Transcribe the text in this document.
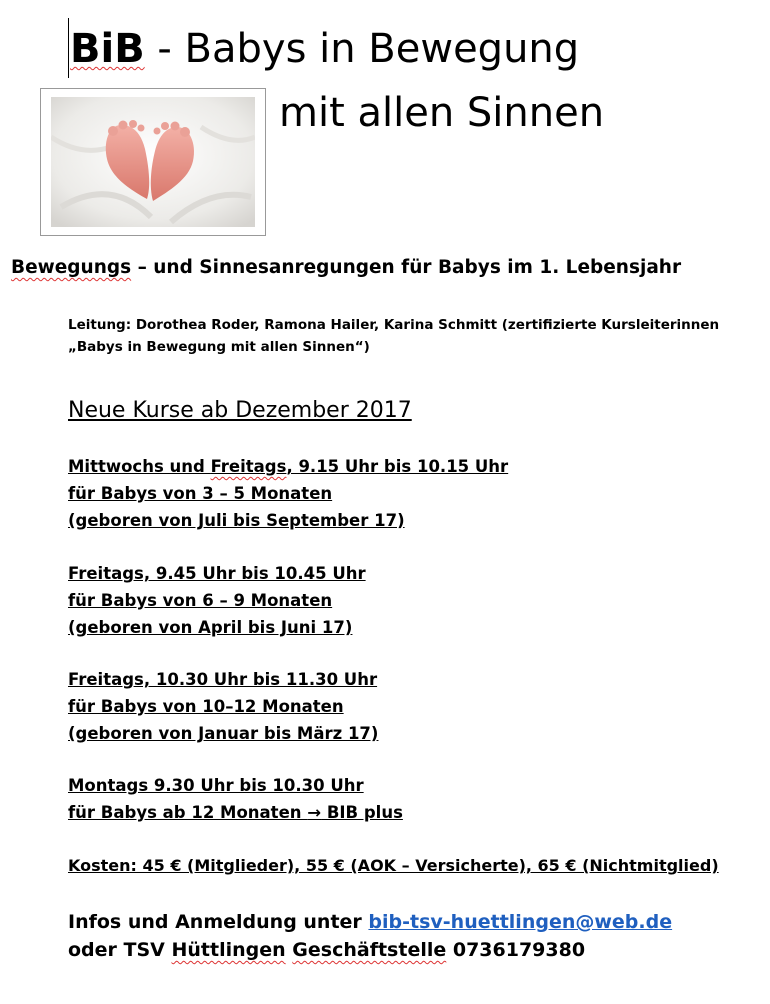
BiB - Babys in Bewegung
mit allen Sinnen
Bewegungs – und Sinnesanregungen für Babys im 1. Lebensjahr
Leitung: Dorothea Roder, Ramona Hailer, Karina Schmitt (zertifizierte Kursleiterinnen
„Babys in Bewegung mit allen Sinnen“)
Neue Kurse ab Dezember 2017
Mittwochs und Freitags, 9.15 Uhr bis 10.15 Uhr
für Babys von 3 – 5 Monaten
(geboren von Juli bis September 17)
Freitags, 9.45 Uhr bis 10.45 Uhr
für Babys von 6 – 9 Monaten
(geboren von April bis Juni 17)
Freitags, 10.30 Uhr bis 11.30 Uhr
für Babys von 10–12 Monaten
(geboren von Januar bis März 17)
Montags 9.30 Uhr bis 10.30 Uhr
für Babys ab 12 Monaten → BIB plus
Kosten: 45 € (Mitglieder), 55 € (AOK – Versicherte), 65 € (Nichtmitglied)
Infos und Anmeldung unter bib-tsv-huettlingen@web.de
oder TSV Hüttlingen Geschäftstelle 0736179380
